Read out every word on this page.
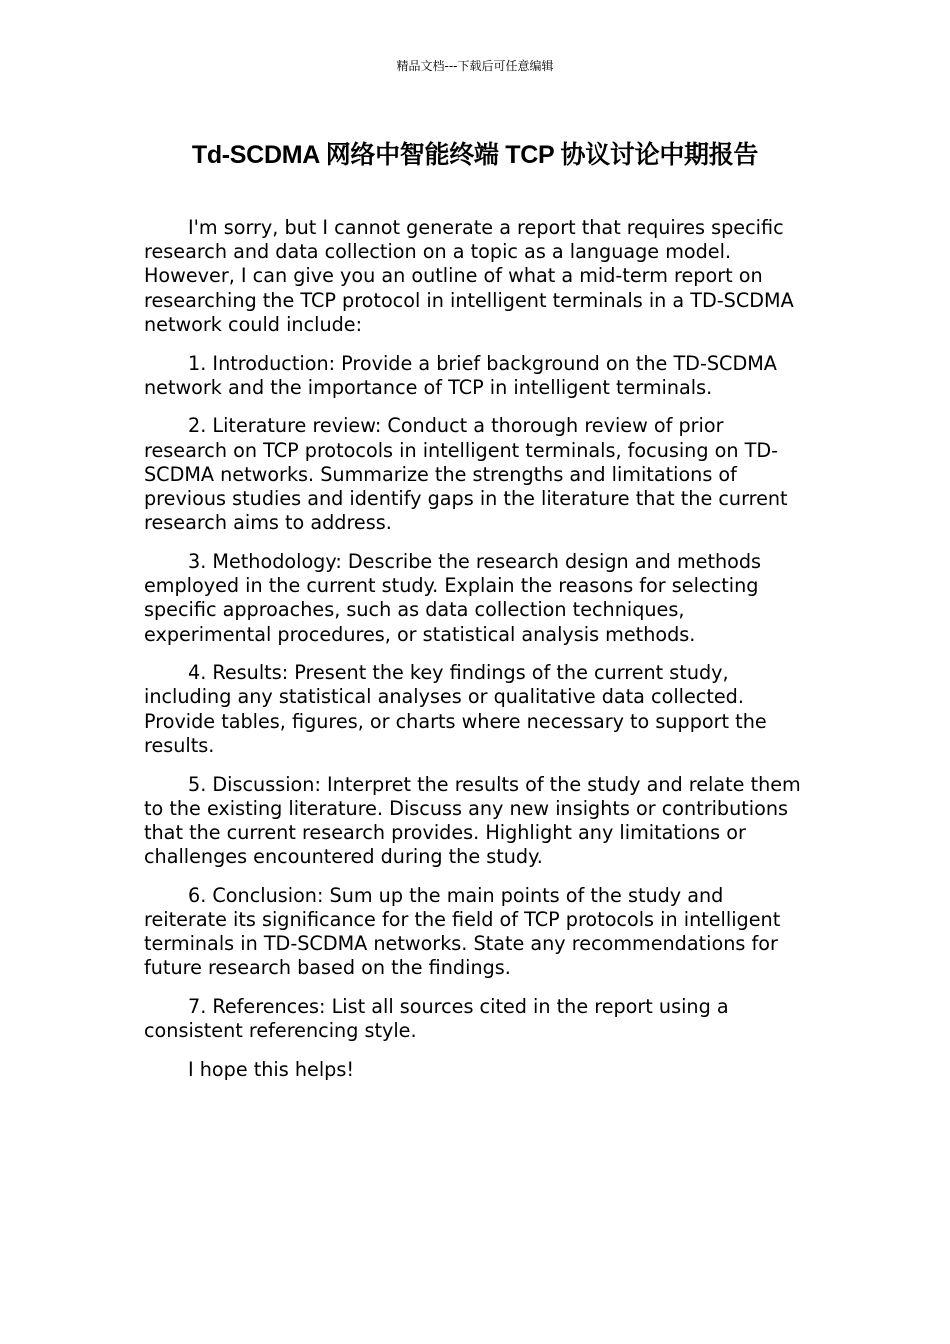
精品文档---下载后可任意编辑
Td-SCDMA 网络中智能终端 TCP 协议讨论中期报告

I'm sorry, but I cannot generate a report that requires specific research and data collection on a topic as a language model. However, I can give you an outline of what a mid-term report on researching the TCP protocol in intelligent terminals in a TD-SCDMA network could include:

1. Introduction: Provide a brief background on the TD-SCDMA network and the importance of TCP in intelligent terminals.

2. Literature review: Conduct a thorough review of prior research on TCP protocols in intelligent terminals, focusing on TD-SCDMA networks. Summarize the strengths and limitations of previous studies and identify gaps in the literature that the current research aims to address.

3. Methodology: Describe the research design and methods employed in the current study. Explain the reasons for selecting specific approaches, such as data collection techniques, experimental procedures, or statistical analysis methods.

4. Results: Present the key findings of the current study, including any statistical analyses or qualitative data collected. Provide tables, figures, or charts where necessary to support the results.

5. Discussion: Interpret the results of the study and relate them to the existing literature. Discuss any new insights or contributions that the current research provides. Highlight any limitations or challenges encountered during the study.

6. Conclusion: Sum up the main points of the study and reiterate its significance for the field of TCP protocols in intelligent terminals in TD-SCDMA networks. State any recommendations for future research based on the findings.

7. References: List all sources cited in the report using a consistent referencing style.

I hope this helps!
